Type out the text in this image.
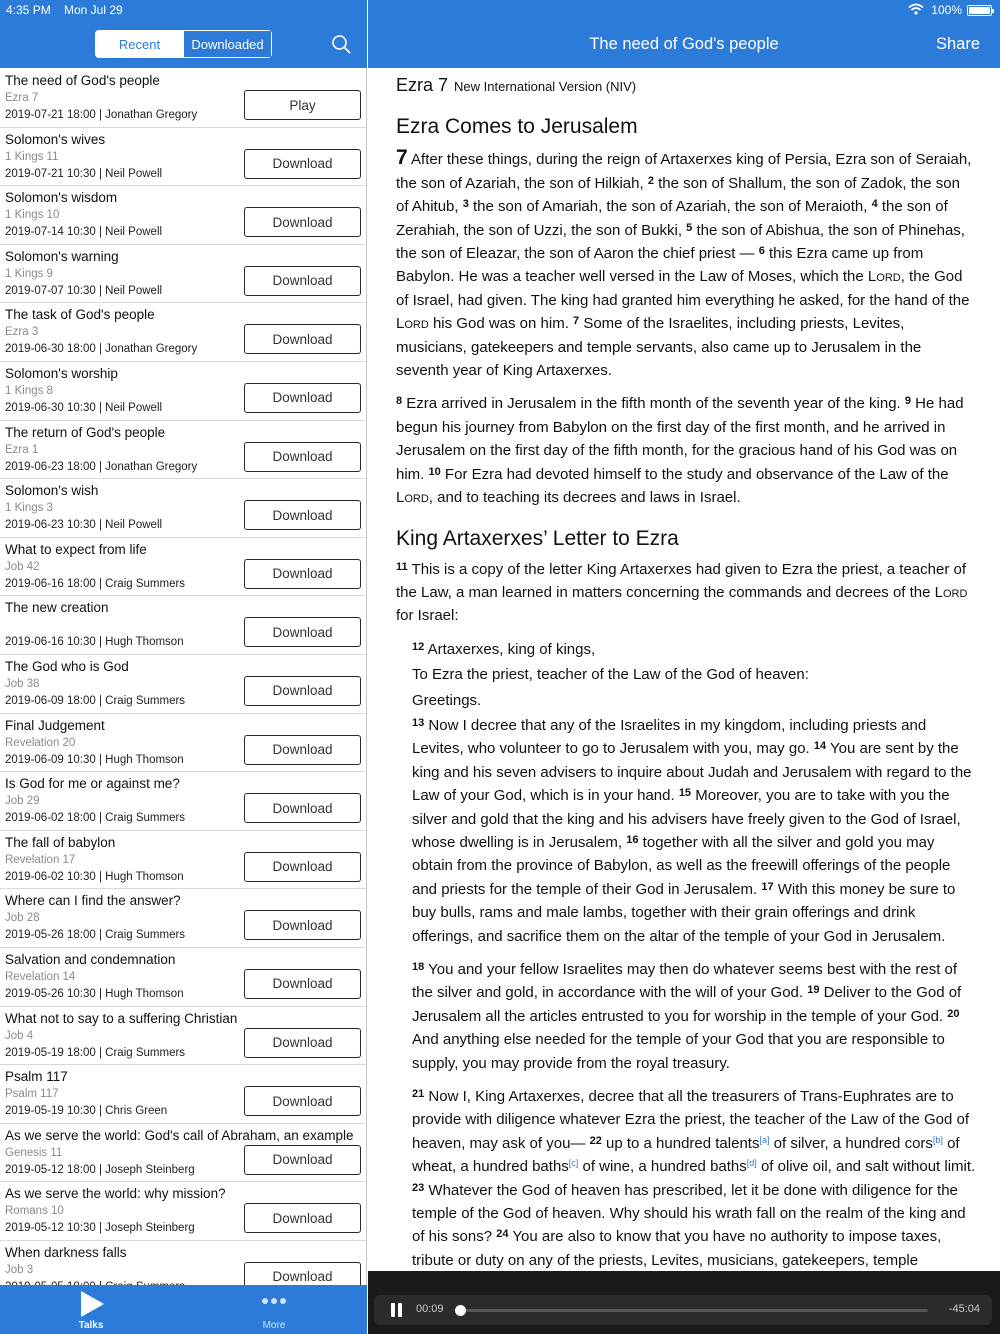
4:35 PM Mon Jul 29
Recent	Downloaded
The need of God's people
Ezra 7
2019-07-21 18:00 | Jonathan Gregory
Play
Solomon's wives
1 Kings 11
2019-07-21 10:30 | Neil Powell
Download
Solomon's wisdom
1 Kings 10
2019-07-14 10:30 | Neil Powell
Download
Solomon's warning
1 Kings 9
2019-07-07 10:30 | Neil Powell
Download
The task of God's people
Ezra 3
2019-06-30 18:00 | Jonathan Gregory
Download
Solomon's worship
1 Kings 8
2019-06-30 10:30 | Neil Powell
Download
The return of God's people
Ezra 1
2019-06-23 18:00 | Jonathan Gregory
Download
Solomon's wish
1 Kings 3
2019-06-23 10:30 | Neil Powell
Download
What to expect from life
Job 42
2019-06-16 18:00 | Craig Summers
Download
The new creation
2019-06-16 10:30 | Hugh Thomson
Download
The God who is God
Job 38
2019-06-09 18:00 | Craig Summers
Download
Final Judgement
Revelation 20
2019-06-09 10:30 | Hugh Thomson
Download
Is God for me or against me?
Job 29
2019-06-02 18:00 | Craig Summers
Download
The fall of babylon
Revelation 17
2019-06-02 10:30 | Hugh Thomson
Download
Where can I find the answer?
Job 28
2019-05-26 18:00 | Craig Summers
Download
Salvation and condemnation
Revelation 14
2019-05-26 10:30 | Hugh Thomson
Download
What not to say to a suffering Christian
Job 4
2019-05-19 18:00 | Craig Summers
Download
Psalm 117
Psalm 117
2019-05-19 10:30 | Chris Green
Download
As we serve the world: God's call of Abraham, an example
Genesis 11
2019-05-12 18:00 | Joseph Steinberg
Download
As we serve the world: why mission?
Romans 10
2019-05-12 10:30 | Joseph Steinberg
Download
When darkness falls
Job 3	Download
Talks	More
100%
The need of God's people	Share
Ezra 7 New International Version (NIV)
Ezra Comes to Jerusalem

7 After these things, during the reign of Artaxerxes king of Persia, Ezra son of Seraiah, the son of Azariah, the son of Hilkiah, $^2$ the son of Shallum, the son of Zadok, the son of Ahitub, $^3$ the son of Amariah, the son of Azariah, the son of Meraioth, $^4$ the son of Zerahiah, the son of Uzzi, the son of Bukki, $^5$ the son of Abishua, the son of Phinehas, the son of Eleazar, the son of Aaron the chief priest — $^6$ this Ezra came up from Babylon. He was a teacher well versed in the Law of Moses, which the Lord, the God of Israel, had given. The king had granted him everything he asked, for the hand of the Lord his God was on him. $^7$ Some of the Israelites, including priests, Levites, musicians, gatekeepers and temple servants, also came up to Jerusalem in the seventh year of King Artaxerxes.

$^8$ Ezra arrived in Jerusalem in the fifth month of the seventh year of the king. $^9$ He had begun his journey from Babylon on the first day of the first month, and he arrived in Jerusalem on the first day of the fifth month, for the gracious hand of his God was on him. $^{10}$ For Ezra had devoted himself to the study and observance of the Law of the Lord, and to teaching its decrees and laws in Israel.

King Artaxerxes’ Letter to Ezra

$^{11}$ This is a copy of the letter King Artaxerxes had given to Ezra the priest, a teacher of the Law, a man learned in matters concerning the commands and decrees of the Lord for Israel:

$^{12}$ Artaxerxes, king of kings,

To Ezra the priest, teacher of the Law of the God of heaven:

Greetings.

$^{13}$ Now I decree that any of the Israelites in my kingdom, including priests and Levites, who volunteer to go to Jerusalem with you, may go. $^{14}$ You are sent by the king and his seven advisers to inquire about Judah and Jerusalem with regard to the Law of your God, which is in your hand. $^{15}$ Moreover, you are to take with you the silver and gold that the king and his advisers have freely given to the God of Israel, whose dwelling is in Jerusalem, $^{16}$ together with all the silver and gold you may obtain from the province of Babylon, as well as the freewill offerings of the people and priests for the temple of their God in Jerusalem. $^{17}$ With this money be sure to buy bulls, rams and male lambs, together with their grain offerings and drink offerings, and sacrifice them on the altar of the temple of your God in Jerusalem.

$^{18}$ You and your fellow Israelites may then do whatever seems best with the rest of the silver and gold, in accordance with the will of your God. $^{19}$ Deliver to the God of Jerusalem all the articles entrusted to you for worship in the temple of your God. $^{20}$ And anything else needed for the temple of your God that you are responsible to supply, you may provide from the royal treasury.

$^{21}$ Now I, King Artaxerxes, decree that all the treasurers of Trans-Euphrates are to provide with diligence whatever Ezra the priest, the teacher of the Law of the God of heaven, may ask of you— $^{22}$ up to a hundred talents[a] of silver, a hundred cors[b] of wheat, a hundred baths[c] of wine, a hundred baths[d] of olive oil, and salt without limit. $^{23}$ Whatever the God of heaven has prescribed, let it be done with diligence for the temple of the God of heaven. Why should his wrath fall on the realm of the king and of his sons? $^{24}$ You are also to know that you have no authority to impose taxes, tribute or duty on any of the priests, Levites, musicians, gatekeepers, temple

00:09	-45:04
